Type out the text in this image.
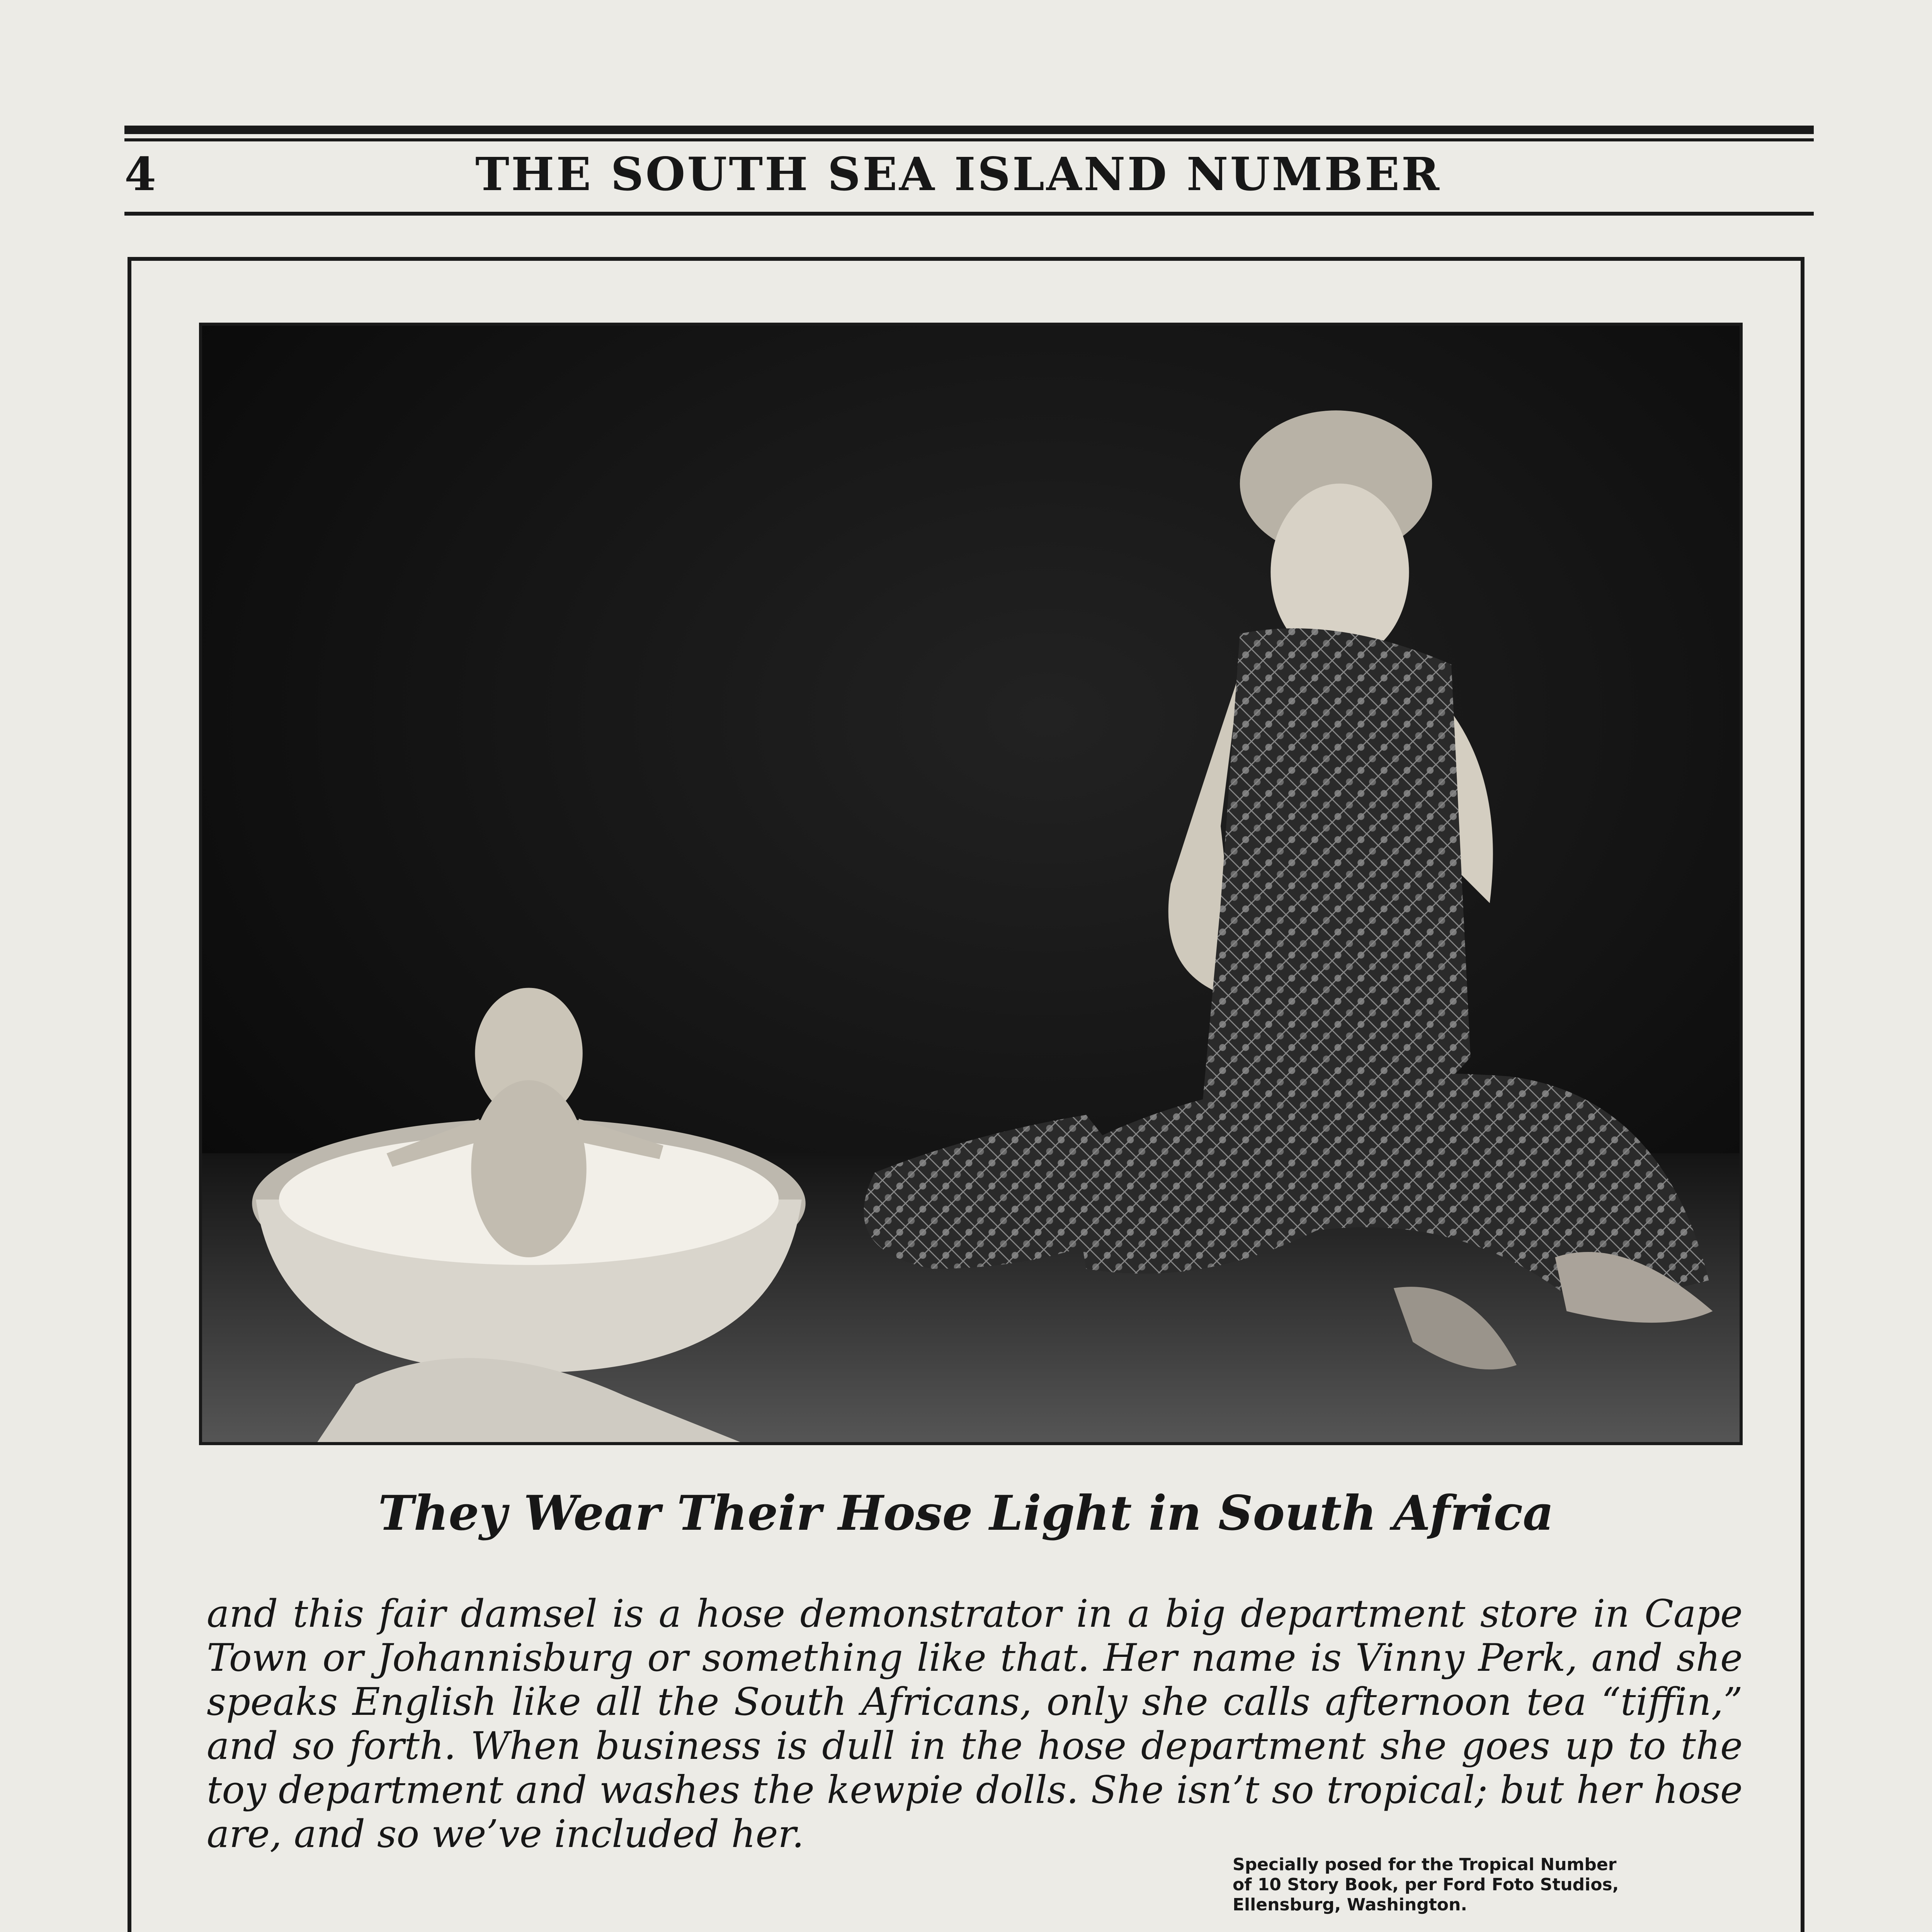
4	THE SOUTH SEA ISLAND NUMBER
They Wear Their Hose Light in South Africa
and this fair damsel is a hose demonstrator in a big department store in Cape Town or Johannisburg or something like that. Her name is Vinny Perk, and she speaks English like all the South Africans, only she calls afternoon tea “tiffin,” and so forth. When business is dull in the hose department she goes up to the toy department and washes the kewpie dolls. She isn’t so tropical; but her hose are, and so we’ve included her.
Specially posed for the Tropical Number
of 10 Story Book, per Ford Foto Studios,
Ellensburg, Washington.
